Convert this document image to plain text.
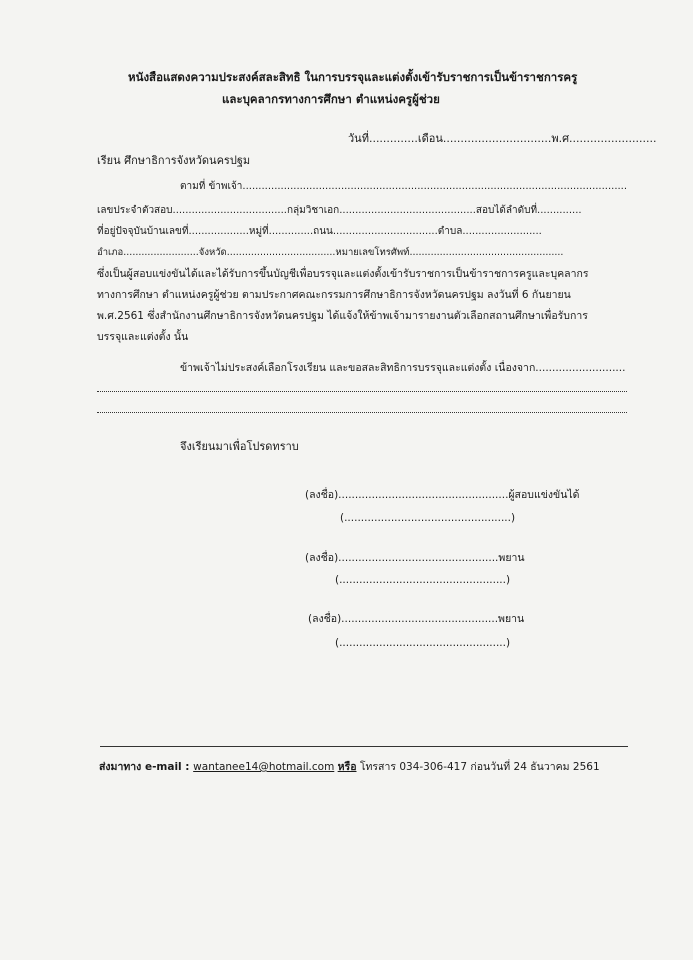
หนังสือแสดงความประสงค์สละสิทธิ ในการบรรจุและแต่งตั้งเข้ารับราชการเป็นข้าราชการครู
และบุคลากรทางการศึกษา ตำแหน่งครูผู้ช่วย
วันที่..............เดือน...............................พ.ศ.........................
เรียน ศึกษาธิการจังหวัดนครปฐม
ตามที่ ข้าพเจ้า.........................................................................................................................
เลขประจำตัวสอบ....................................กลุ่มวิชาเอก...........................................สอบได้ลำดับที่..............
ที่อยู่ปัจจุบันบ้านเลขที่...................หมู่ที่..............ถนน.................................ตำบล.........................
อำเภอ.........................จังหวัด....................................หมายเลขโทรศัพท์...................................................
ซึ่งเป็นผู้สอบแข่งขันได้และได้รับการขึ้นบัญชีเพื่อบรรจุและแต่งตั้งเข้ารับราชการเป็นข้าราชการครูและบุคลากร
ทางการศึกษา ตำแหน่งครูผู้ช่วย ตามประกาศคณะกรรมการศึกษาธิการจังหวัดนครปฐม ลงวันที่ 6 กันยายน
พ.ศ.2561 ซึ่งสำนักงานศึกษาธิการจังหวัดนครปฐม ได้แจ้งให้ข้าพเจ้ามารายงานตัวเลือกสถานศึกษาเพื่อรับการ
บรรจุและแต่งตั้ง นั้น
ข้าพเจ้าไม่ประสงค์เลือกโรงเรียน และขอสละสิทธิการบรรจุและแต่งตั้ง เนื่องจาก...........................
จึงเรียนมาเพื่อโปรดทราบ
(ลงชื่อ)...................................................ผู้สอบแข่งขันได้
(..................................................)
(ลงชื่อ)................................................พยาน
(..................................................)
(ลงชื่อ)...............................................พยาน
(..................................................)
ส่งมาทาง e-mail : wantanee14@hotmail.com หรือ โทรสาร 034-306-417 ก่อนวันที่ 24 ธันวาคม 2561
